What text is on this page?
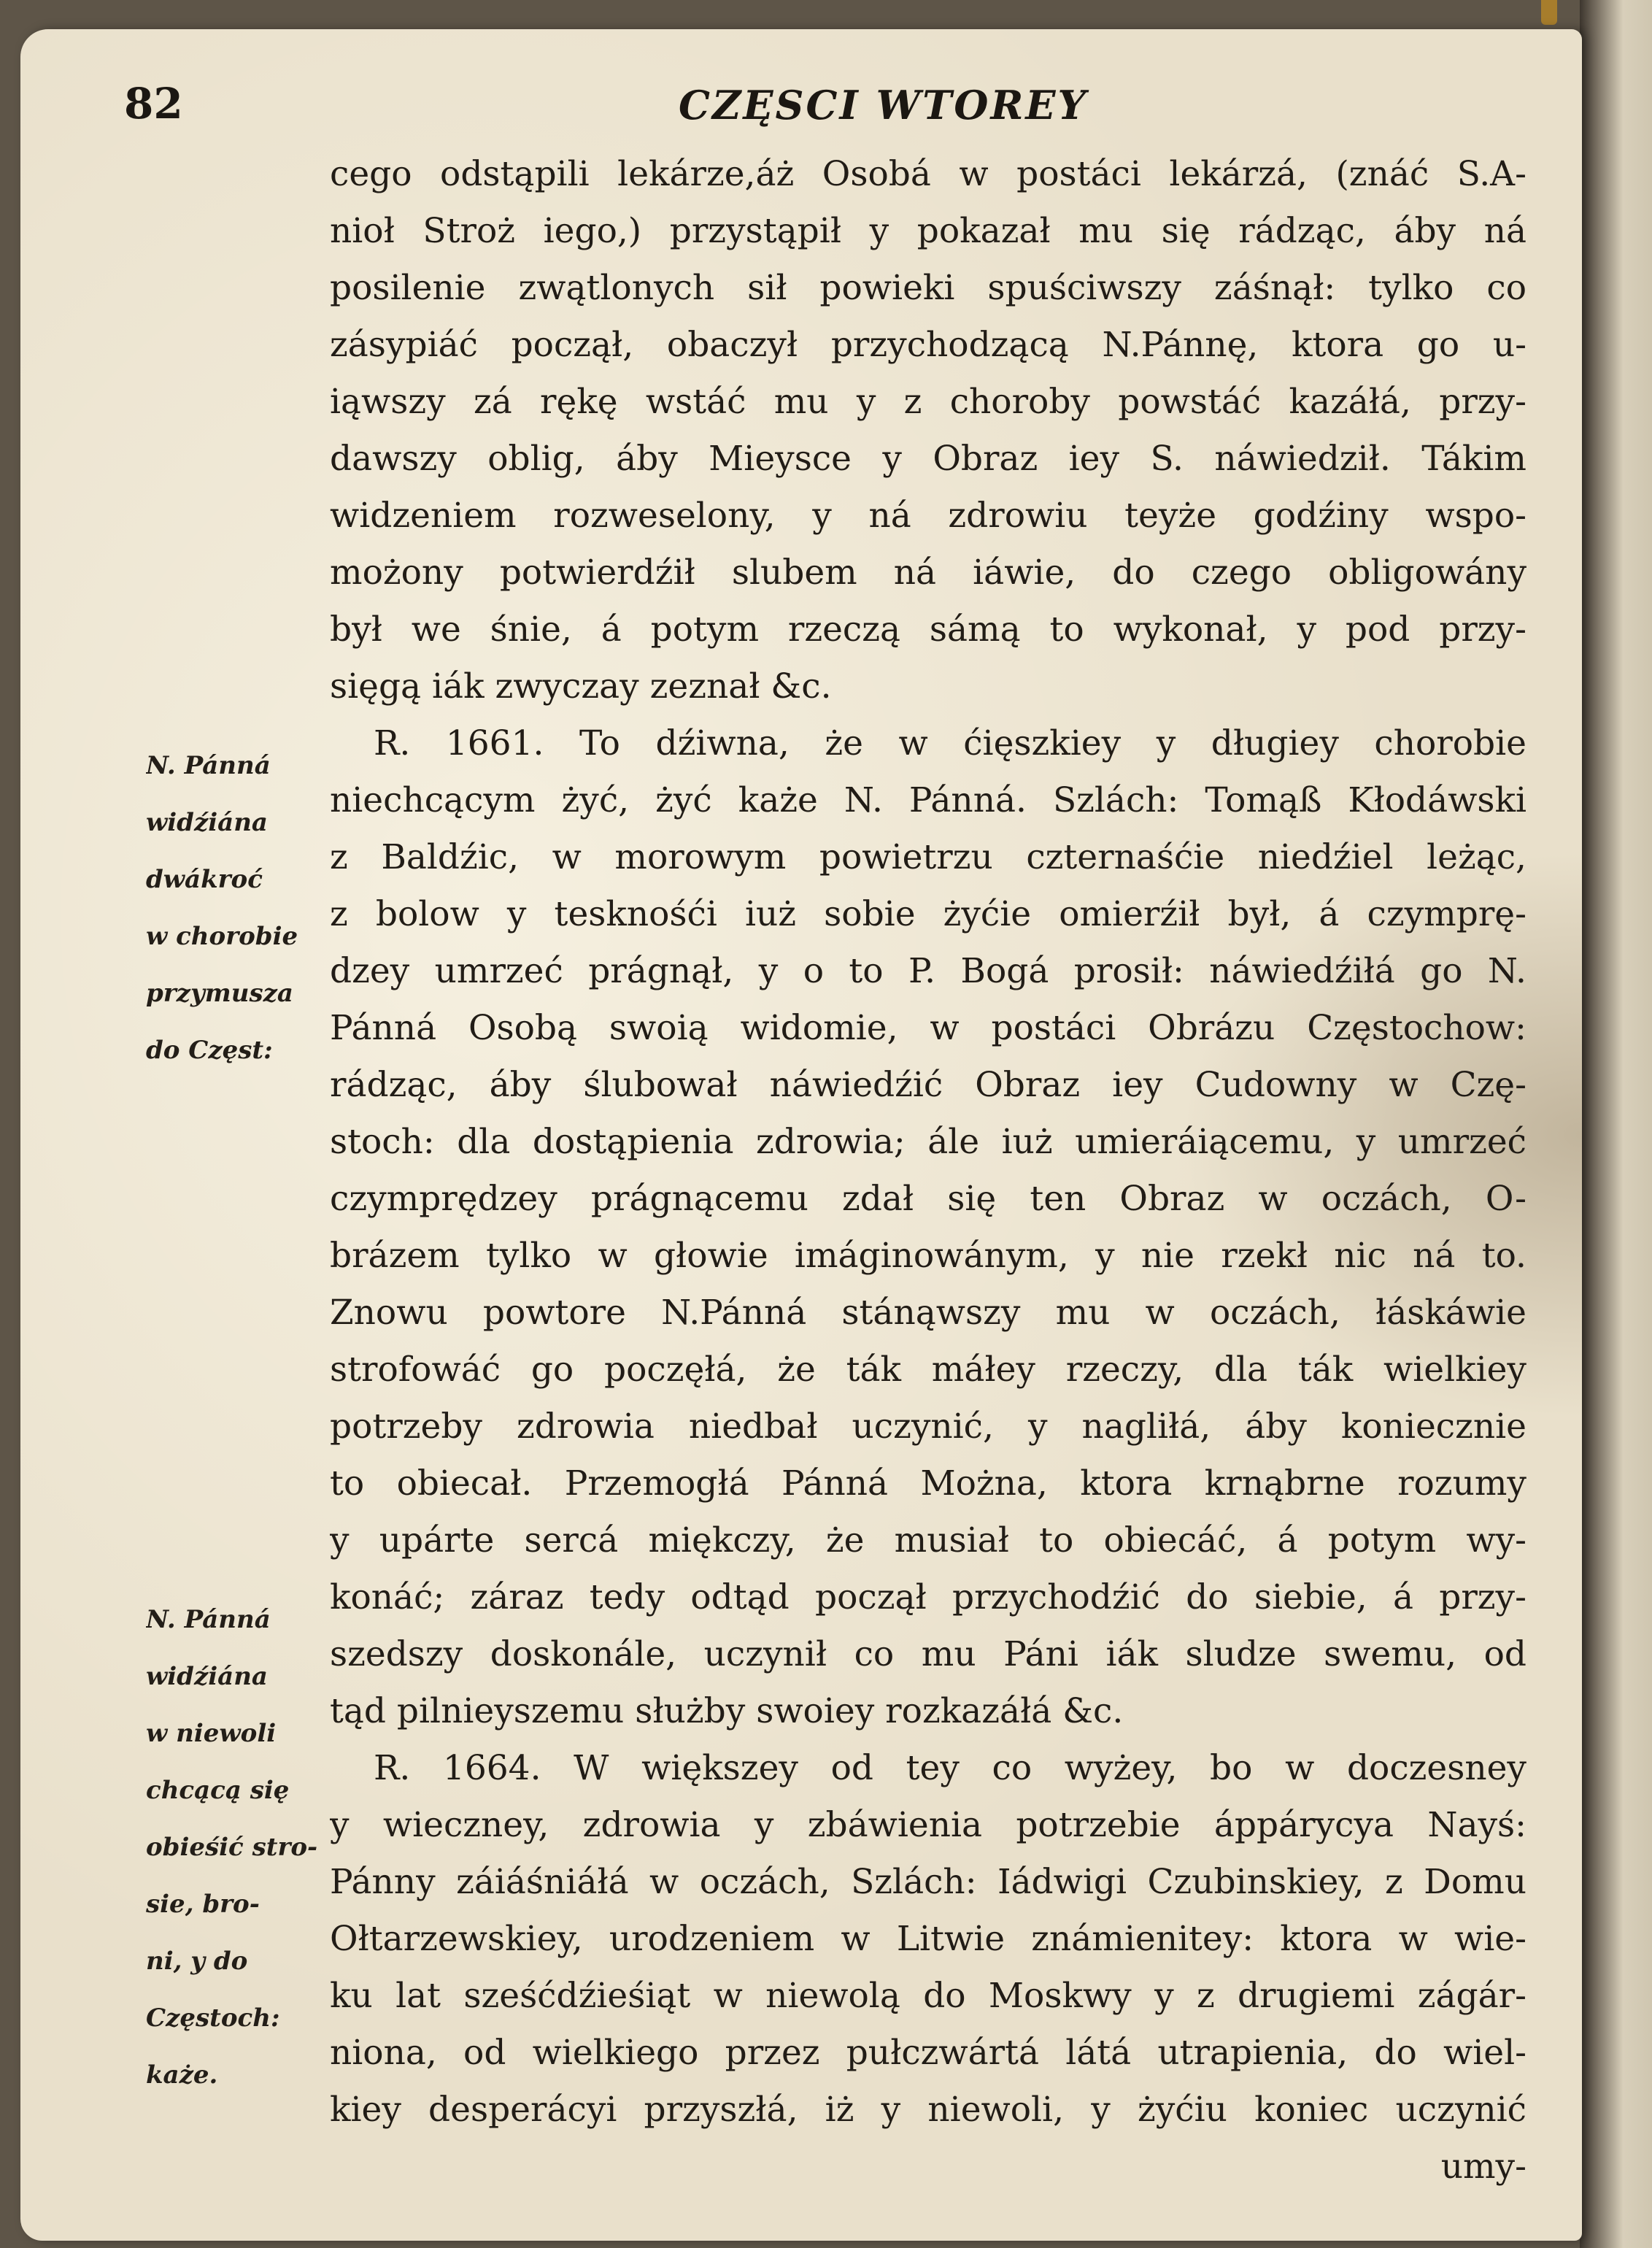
82	CZĘSCI WTOREY
cego odstąpili lekárze,áż Osobá w postáci lekárzá, (znáć S.A-
nioł Stroż iego,) przystąpił y pokazał mu się rádząc, áby ná
posilenie zwątlonych sił powieki spuściwszy záśnął: tylko co
zásypiáć począł, obaczył przychodzącą N.Pánnę, ktora go u-
iąwszy zá rękę wstáć mu y z choroby powstáć kazáłá, przy-
dawszy oblig, áby Mieysce y Obraz iey S. náwiedził. Tákim
widzeniem rozweselony, y ná zdrowiu teyże godźiny wspo-
możony potwierdźił slubem ná iáwie, do czego obligowány
był we śnie, á potym rzeczą sámą to wykonał, y pod przy-
sięgą iák zwyczay zeznał &c.
R. 1661. To dźiwna, że w ćięszkiey y długiey chorobie
niechcącym żyć, żyć każe N. Pánná. Szlách: Tomąß Kłodáwski
z Baldźic, w morowym powietrzu czternaśćie niedźiel leżąc,
z bolow y tesknośći iuż sobie żyćie omierźił był, á czymprę-
dzey umrzeć prágnął, y o to P. Bogá prosił: náwiedźiłá go N.
Pánná Osobą swoią widomie, w postáci Obrázu Częstochow:
rádząc, áby ślubował náwiedźić Obraz iey Cudowny w Czę-
stoch: dla dostąpienia zdrowia; ále iuż umieráiącemu, y umrzeć
czymprędzey prágnącemu zdał się ten Obraz w oczách, O-
brázem tylko w głowie imáginowánym, y nie rzekł nic ná to.
Znowu powtore N.Pánná stánąwszy mu w oczách, łáskáwie
strofowáć go poczęłá, że ták máłey rzeczy, dla ták wielkiey
potrzeby zdrowia niedbał uczynić, y nagliłá, áby koniecznie
to obiecał. Przemogłá Pánná Można, ktora krnąbrne rozumy
y upárte sercá miękczy, że musiał to obiecáć, á potym wy-
konáć; záraz tedy odtąd począł przychodźić do siebie, á przy-
szedszy doskonále, uczynił co mu Páni iák sludze swemu, od
tąd pilnieyszemu służby swoiey rozkazáłá &c.
R. 1664. W większey od tey co wyżey, bo w doczesney
y wieczney, zdrowia y zbáwienia potrzebie áppárycya Nayś:
Pánny záiáśniáłá w oczách, Szlách: Iádwigi Czubinskiey, z Domu
Ołtarzewskiey, urodzeniem w Litwie známienitey: ktora w wie-
ku lat sześćdźieśiąt w niewolą do Moskwy y z drugiemi zágár-
niona, od wielkiego przez pułczwártá látá utrapienia, do wiel-
kiey desperácyi przyszłá, iż y niewoli, y żyćiu koniec uczynić
umy-
N. Pánná
widźiána
dwákroć
w chorobie
przymusza
do Częst:
N. Pánná
widźiána
w niewoli
chcącą się
obieśić stro-
sie, bro-
ni, y do
Częstoch:
każe.
